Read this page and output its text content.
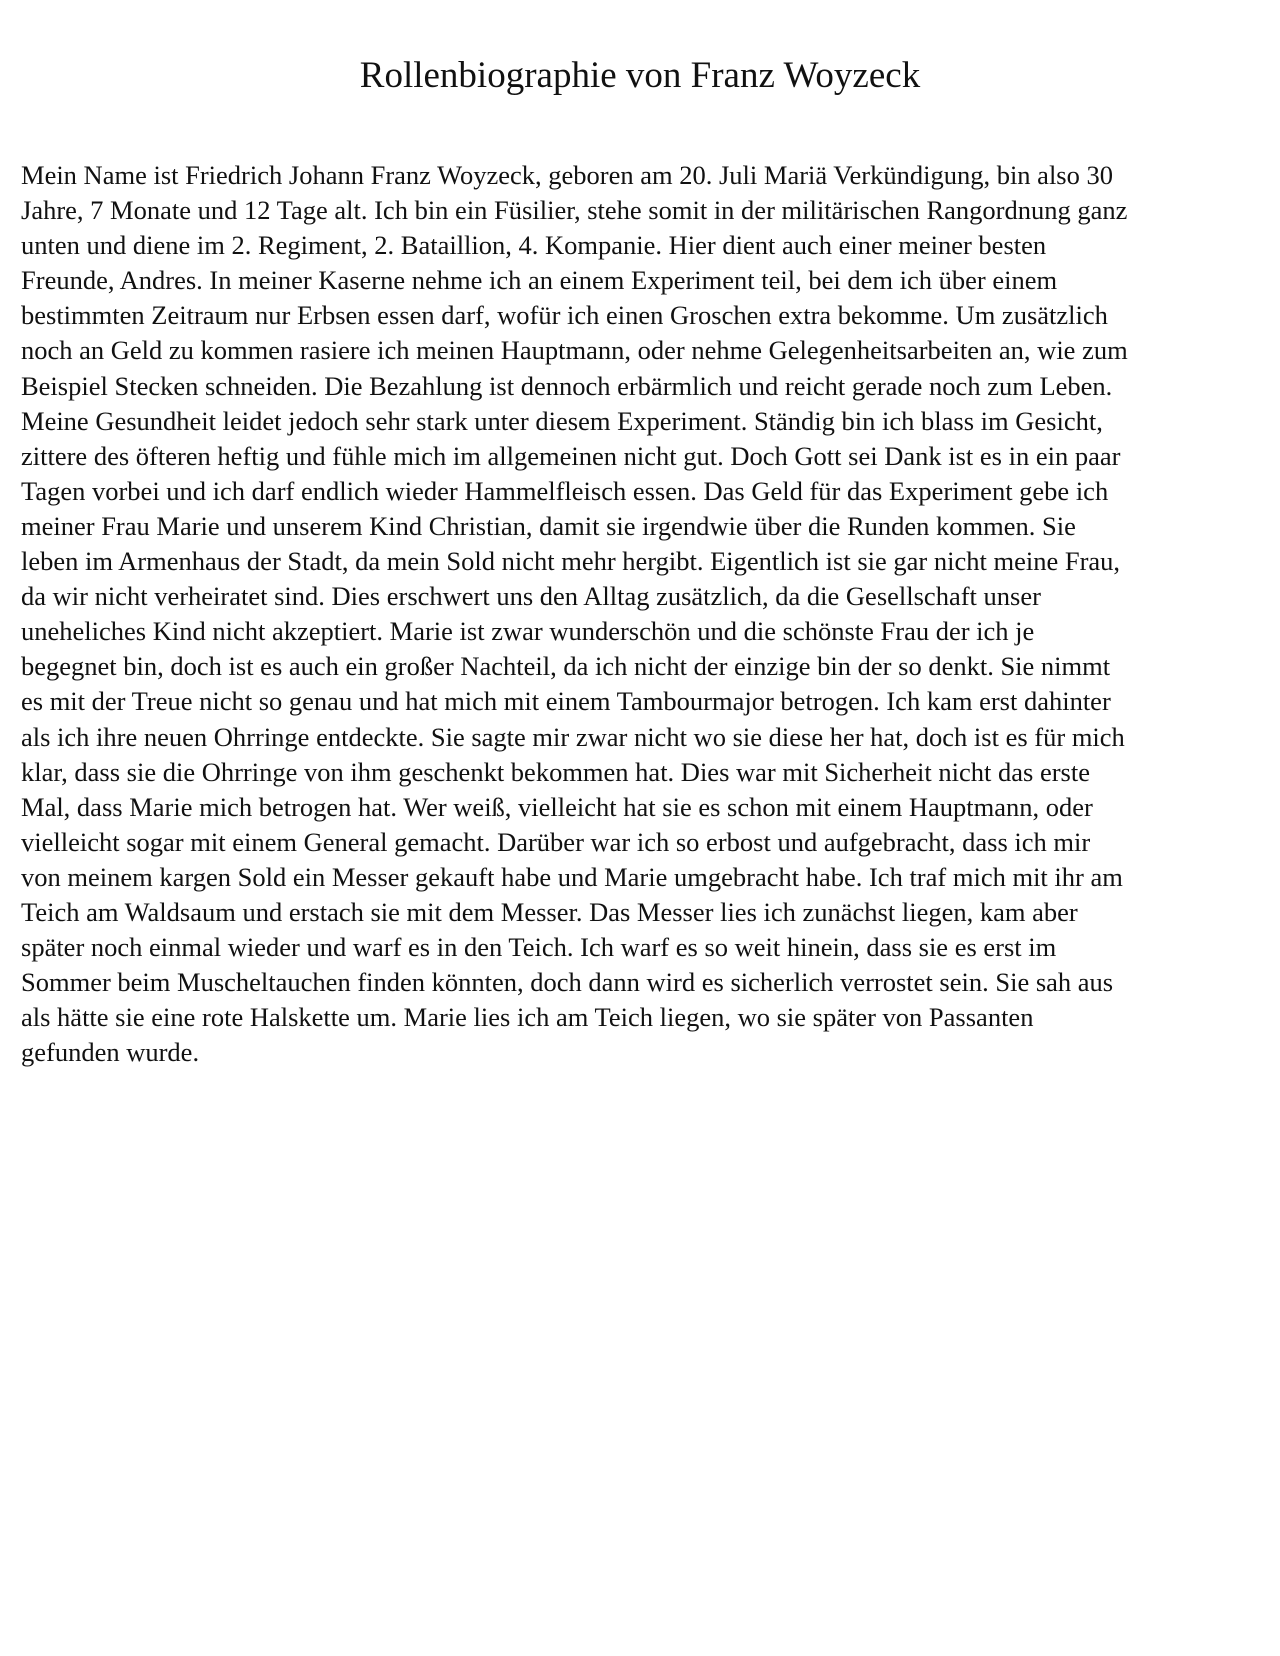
Rollenbiographie von Franz Woyzeck
Mein Name ist Friedrich Johann Franz Woyzeck, geboren am 20. Juli Mariä Verkündigung, bin also 30
Jahre, 7 Monate und 12 Tage alt. Ich bin ein Füsilier, stehe somit in der militärischen Rangordnung ganz
unten und diene im 2. Regiment, 2. Bataillion, 4. Kompanie. Hier dient auch einer meiner besten
Freunde, Andres. In meiner Kaserne nehme ich an einem Experiment teil, bei dem ich über einem
bestimmten Zeitraum nur Erbsen essen darf, wofür ich einen Groschen extra bekomme. Um zusätzlich
noch an Geld zu kommen rasiere ich meinen Hauptmann, oder nehme Gelegenheitsarbeiten an, wie zum
Beispiel Stecken schneiden. Die Bezahlung ist dennoch erbärmlich und reicht gerade noch zum Leben.
Meine Gesundheit leidet jedoch sehr stark unter diesem Experiment. Ständig bin ich blass im Gesicht,
zittere des öfteren heftig und fühle mich im allgemeinen nicht gut. Doch Gott sei Dank ist es in ein paar
Tagen vorbei und ich darf endlich wieder Hammelfleisch essen. Das Geld für das Experiment gebe ich
meiner Frau Marie und unserem Kind Christian, damit sie irgendwie über die Runden kommen. Sie
leben im Armenhaus der Stadt, da mein Sold nicht mehr hergibt. Eigentlich ist sie gar nicht meine Frau,
da wir nicht verheiratet sind. Dies erschwert uns den Alltag zusätzlich, da die Gesellschaft unser
uneheliches Kind nicht akzeptiert. Marie ist zwar wunderschön und die schönste Frau der ich je
begegnet bin, doch ist es auch ein großer Nachteil, da ich nicht der einzige bin der so denkt. Sie nimmt
es mit der Treue nicht so genau und hat mich mit einem Tambourmajor betrogen. Ich kam erst dahinter
als ich ihre neuen Ohrringe entdeckte. Sie sagte mir zwar nicht wo sie diese her hat, doch ist es für mich
klar, dass sie die Ohrringe von ihm geschenkt bekommen hat. Dies war mit Sicherheit nicht das erste
Mal, dass Marie mich betrogen hat. Wer weiß, vielleicht hat sie es schon mit einem Hauptmann, oder
vielleicht sogar mit einem General gemacht. Darüber war ich so erbost und aufgebracht, dass ich mir
von meinem kargen Sold ein Messer gekauft habe und Marie umgebracht habe. Ich traf mich mit ihr am
Teich am Waldsaum und erstach sie mit dem Messer. Das Messer lies ich zunächst liegen, kam aber
später noch einmal wieder und warf es in den Teich. Ich warf es so weit hinein, dass sie es erst im
Sommer beim Muscheltauchen finden könnten, doch dann wird es sicherlich verrostet sein. Sie sah aus
als hätte sie eine rote Halskette um. Marie lies ich am Teich liegen, wo sie später von Passanten
gefunden wurde.
